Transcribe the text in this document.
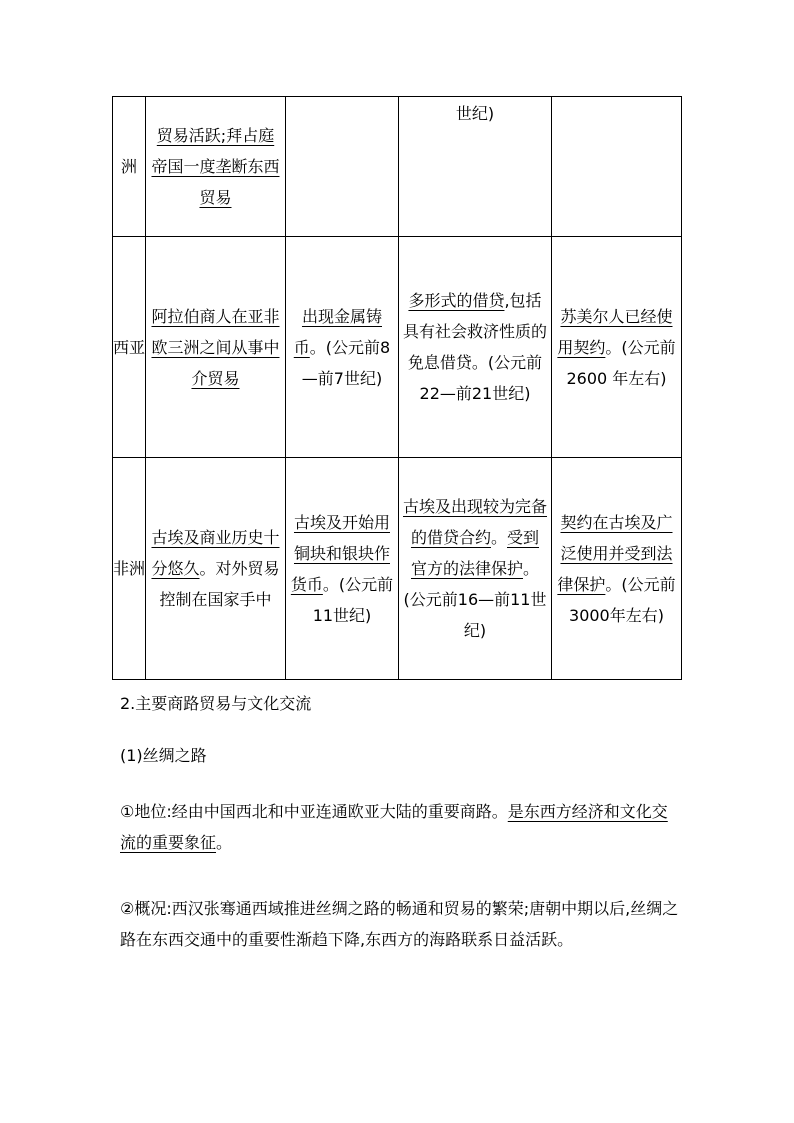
洲	贸易活跃;拜占庭帝国一度垄断东西贸易		世纪)	
西亚	阿拉伯商人在亚非欧三洲之间从事中介贸易	出现金属铸币。(公元前8—前7世纪)	多形式的借贷,包括具有社会救济性质的免息借贷。(公元前22—前21世纪)	苏美尔人已经使用契约。(公元前 2600 年左右)
非洲	古埃及商业历史十分悠久。对外贸易控制在国家手中	古埃及开始用铜块和银块作货币。(公元前11世纪)	古埃及出现较为完备的借贷合约。受到官方的法律保护。(公元前16—前11世纪)	契约在古埃及广泛使用并受到法律保护。(公元前3000年左右)

2.主要商路贸易与文化交流

(1)丝绸之路

①地位:经由中国西北和中亚连通欧亚大陆的重要商路。是东西方经济和文化交流的重要象征。

②概况:西汉张骞通西域推进丝绸之路的畅通和贸易的繁荣;唐朝中期以后,丝绸之路在东西交通中的重要性渐趋下降,东西方的海路联系日益活跃。
